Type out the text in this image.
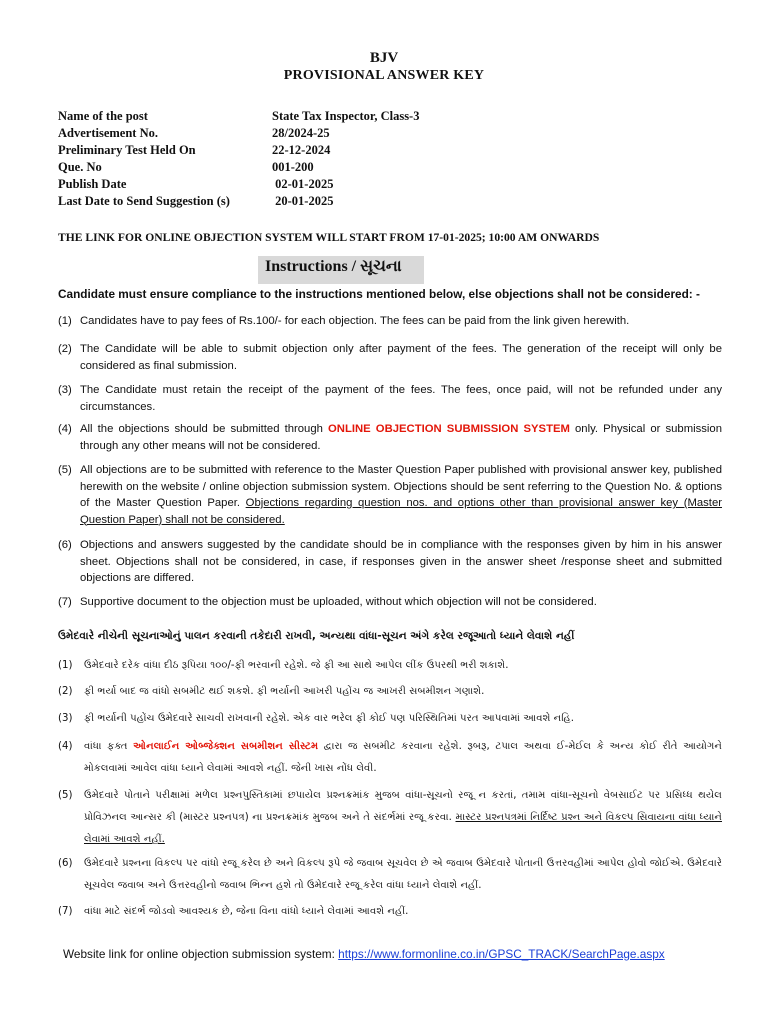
BJV
PROVISIONAL ANSWER KEY
Name of the post	State Tax Inspector, Class-3
Advertisement No.	28/2024-25
Preliminary Test Held On	22-12-2024
Que. No	001-200
Publish Date	02-01-2025
Last Date to Send Suggestion (s)	20-01-2025
THE LINK FOR ONLINE OBJECTION SYSTEM WILL START FROM 17-01-2025; 10:00 AM ONWARDS
Instructions / સૂચના
Candidate must ensure compliance to the instructions mentioned below, else objections shall not be considered: -
(1) Candidates have to pay fees of Rs.100/- for each objection. The fees can be paid from the link given herewith.
(2) The Candidate will be able to submit objection only after payment of the fees. The generation of the receipt will only be considered as final submission.
(3) The Candidate must retain the receipt of the payment of the fees. The fees, once paid, will not be refunded under any circumstances.
(4) All the objections should be submitted through ONLINE OBJECTION SUBMISSION SYSTEM only. Physical or submission through any other means will not be considered.
(5) All objections are to be submitted with reference to the Master Question Paper published with provisional answer key, published herewith on the website / online objection submission system. Objections should be sent referring to the Question No. & options of the Master Question Paper. Objections regarding question nos. and options other than provisional answer key (Master Question Paper) shall not be considered.
(6) Objections and answers suggested by the candidate should be in compliance with the responses given by him in his answer sheet. Objections shall not be considered, in case, if responses given in the answer sheet /response sheet and submitted objections are differed.
(7) Supportive document to the objection must be uploaded, without which objection will not be considered.
ઉમેદવારે નીચેની સૂચનાઓનું પાલન કરવાની તકેદારી રાખવી, અન્યથા વાંધા-સૂચન અંગે કરેલ રજૂઆતો ધ્યાને લેવાશે નહીં
(1)	ઉમેદવારે દરેક વાંધા દીઠ રૂપિયા ૧૦૦/-ફી ભરવાની રહેશે. જે ફી આ સાથે આપેલ લીંક ઉપરથી ભરી શકાશે.
(2)	ફી ભર્યા બાદ જ વાંધો સબમીટ થઈ શકશે. ફી ભર્યાની આખરી પહોંચ જ આખરી સબમીશન ગણાશે.
(3)	ફી ભર્યાની પહોંચ ઉમેદવારે સાચવી રાખવાની રહેશે. એક વાર ભરેલ ફી કોઈ પણ પરિસ્થિતિમાં પરત આપવામાં આવશે નહિ.
(4)	વાંધા ફક્ત ઓનલાઈન ઓબ્જેક્શન સબમીશન સીસ્ટમ દ્વારા જ સબમીટ કરવાના રહેશે. રૂબરૂ, ટપાલ અથવા ઈ-મેઈલ કે અન્ય કોઈ રીતે આયોગને મોકલવામાં આવેલ વાંધા ધ્યાને લેવામાં આવશે નહીં. જેની ખાસ નોંધ લેવી.
(5)	ઉમેદવારે પોતાને પરીક્ષામાં મળેલ પ્રશ્નપુસ્તિકામાં છપાયેલ પ્રશ્નક્રમાંક મુજબ વાંધા-સૂચનો રજૂ ન કરતાં, તમામ વાંધા-સૂચનો વેબસાઈટ પર પ્રસિધ્ધ થયેલ પ્રોવિઝનલ આન્સર કી (માસ્ટર પ્રશ્નપત્ર) ના પ્રશ્નક્રમાંક મુજબ અને તે સંદર્ભમાં રજૂ કરવા. માસ્ટર પ્રશ્નપત્રમાં નિર્દિષ્ટ પ્રશ્ન અને વિકલ્પ સિવાયના વાંધા ધ્યાને લેવામાં આવશે નહીં.
(6)	ઉમેદવારે પ્રશ્નના વિકલ્પ પર વાંધો રજૂ કરેલ છે અને વિકલ્પ રૂપે જે જવાબ સૂચવેલ છે એ જવાબ ઉમેદવારે પોતાની ઉત્તરવહીમાં આપેલ હોવો જોઈએ. ઉમેદવારે સૂચવેલ જવાબ અને ઉત્તરવહીનો જવાબ ભિન્ન હશે તો ઉમેદવારે રજૂ કરેલ વાંધા ધ્યાને લેવાશે નહીં.
(7)	વાંધા માટે સંદર્ભ જોડવો આવશ્યક છે, જેના વિના વાંધો ધ્યાને લેવામાં આવશે નહીં.
Website link for online objection submission system: https://www.formonline.co.in/GPSC_TRACK/SearchPage.aspx
